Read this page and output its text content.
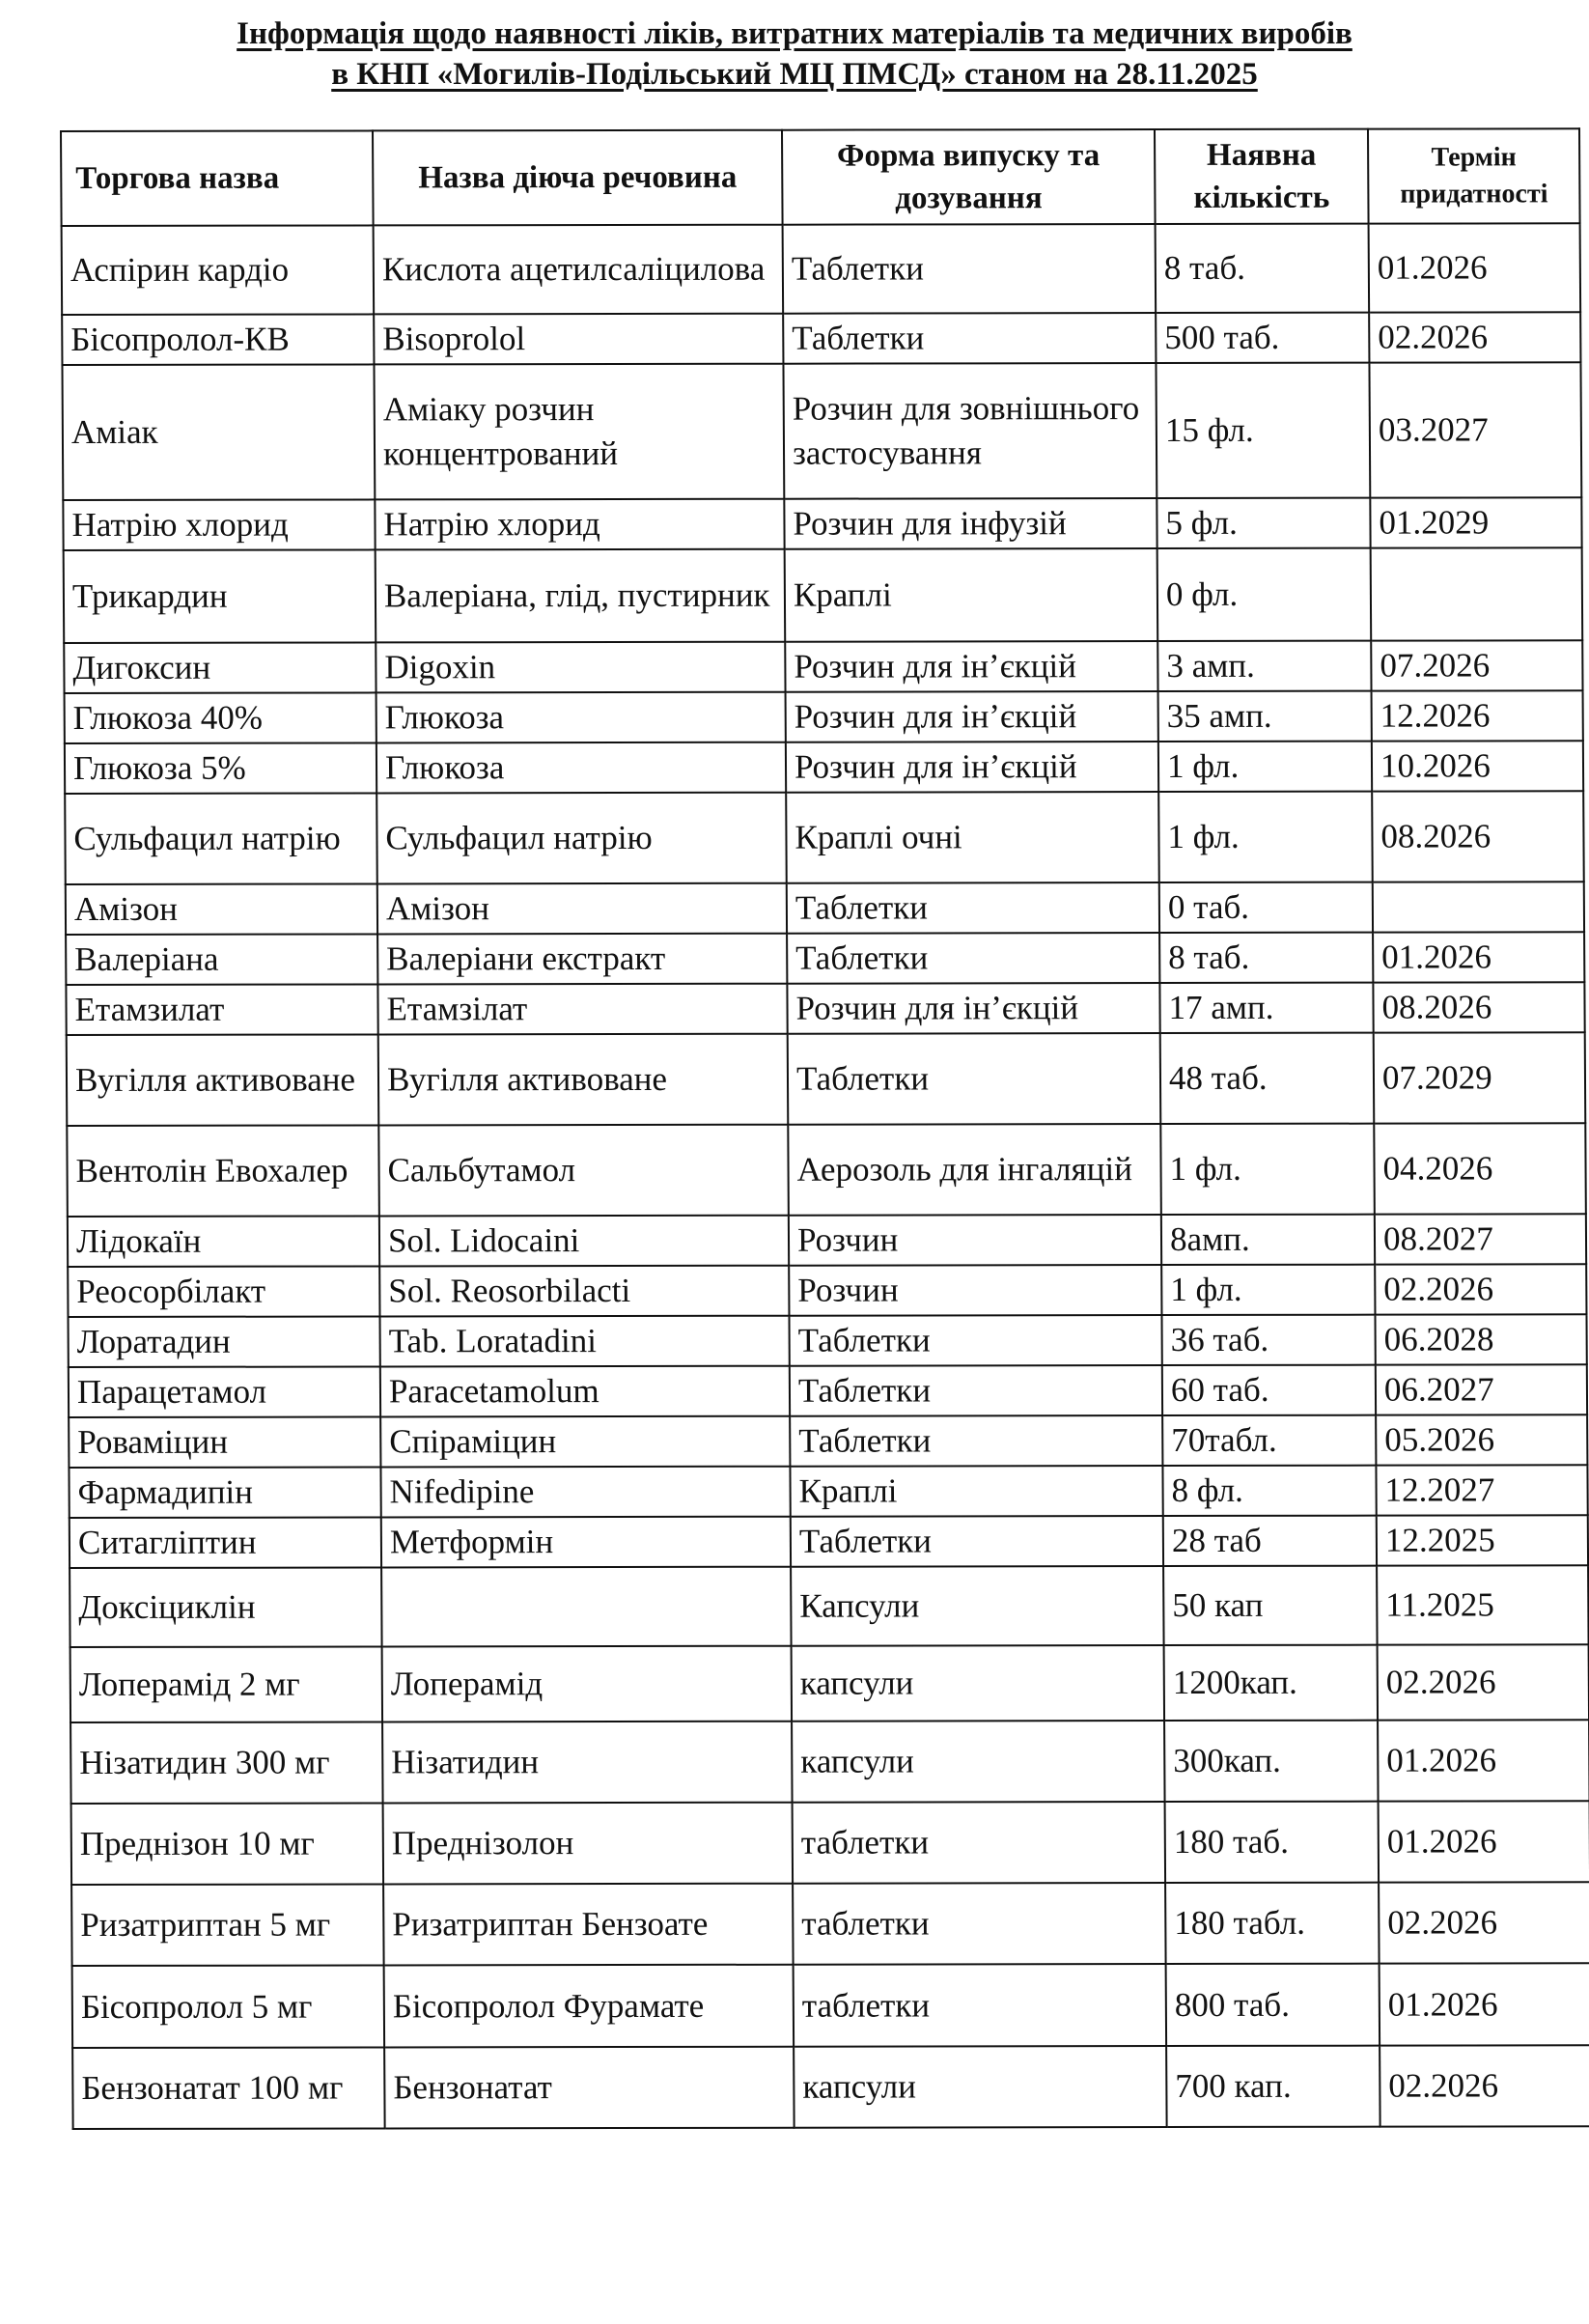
Інформація щодо наявності ліків, витратних матеріалів та медичних виробів
в КНП «Могилів-Подільський МЦ ПМСД» станом на 28.11.2025
Торгова назва	Назва діюча речовина	Форма випуску та дозування	Наявна кількість	Термін придатності
Аспірин кардіо	Кислота ацетилсаліцилова	Таблетки	8 таб.	01.2026
Бісопролол-КВ	Bisoprolol	Таблетки	500 таб.	02.2026
Аміак	Аміаку розчин концентрований	Розчин для зовнішнього застосування	15 фл.	03.2027
Натрію хлорид	Натрію хлорид	Розчин для інфузій	5 фл.	01.2029
Трикардин	Валеріана, глід, пустирник	Краплі	0 фл.	
Дигоксин	Digoxin	Розчин для ін’єкцій	3 амп.	07.2026
Глюкоза 40%	Глюкоза	Розчин для ін’єкцій	35 амп.	12.2026
Глюкоза 5%	Глюкоза	Розчин для ін’єкцій	1 фл.	10.2026
Сульфацил натрію	Сульфацил натрію	Краплі очні	1 фл.	08.2026
Амізон	Амізон	Таблетки	0 таб.	
Валеріана	Валеріани екстракт	Таблетки	8 таб.	01.2026
Етамзилат	Етамзілат	Розчин для ін’єкцій	17 амп.	08.2026
Вугілля активоване	Вугілля активоване	Таблетки	48 таб.	07.2029
Вентолін Евохалер	Сальбутамол	Аерозоль для інгаляцій	1 фл.	04.2026
Лідокаїн	Sol. Lidocaini	Розчин	8амп.	08.2027
Реосорбілакт	Sol. Reosorbilacti	Розчин	1 фл.	02.2026
Лоратадин	Tab. Loratadini	Таблетки	36 таб.	06.2028
Парацетамол	Paracetamolum	Таблетки	60 таб.	06.2027
Роваміцин	Спіраміцин	Таблетки	70табл.	05.2026
Фармадипін	Nifedipine	Краплі	8 фл.	12.2027
Ситагліптин	Метформін	Таблетки	28 таб	12.2025
Доксіциклін		Капсули	50 кап	11.2025
Лоперамід 2 мг	Лоперамід	капсули	1200кап.	02.2026
Нізатидин 300 мг	Нізатидин	капсули	300кап.	01.2026
Преднізон 10 мг	Преднізолон	таблетки	180 таб.	01.2026
Ризатриптан 5 мг	Ризатриптан Бензоате	таблетки	180 табл.	02.2026
Бісопролол 5 мг	Бісопролол Фурамате	таблетки	800 таб.	01.2026
Бензонатат 100 мг	Бензонатат	капсули	700 кап.	02.2026
